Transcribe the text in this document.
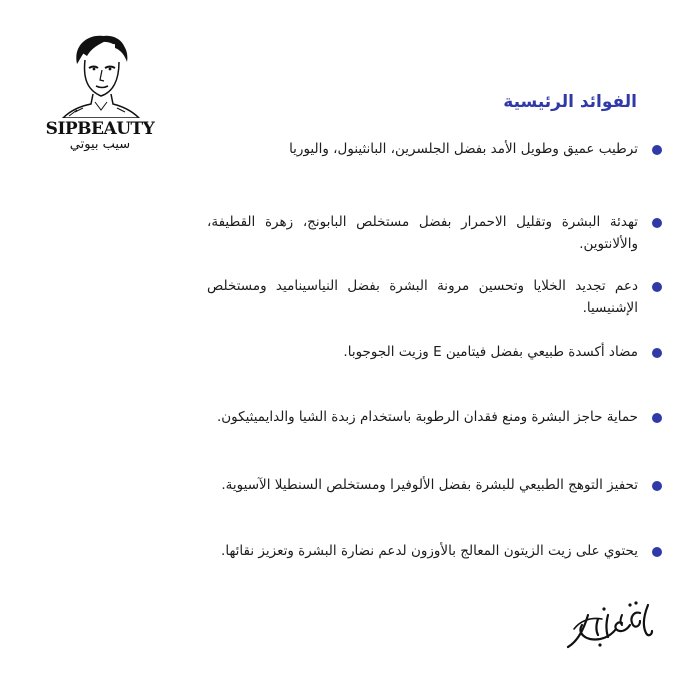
SIPBEAUTY
سيب بيوتي
الفوائد الرئيسية
ترطيب عميق وطويل الأمد بفضل الجلسرين، البانثينول، واليوريا
تهدئة البشرة وتقليل الاحمرار بفضل مستخلص البابونج، زهرة القطيفة، والألانتوين.
دعم تجديد الخلايا وتحسين مرونة البشرة بفضل النياسيناميد ومستخلص الإشنيسيا.
مضاد أكسدة طبيعي بفضل فيتامين E وزيت الجوجوبا.
حماية حاجز البشرة ومنع فقدان الرطوبة باستخدام زبدة الشيا والدايميثيكون.
تحفيز التوهج الطبيعي للبشرة بفضل الألوفيرا ومستخلص السنطيلا الآسيوية.
يحتوي على زيت الزيتون المعالج بالأوزون لدعم نضارة البشرة وتعزيز نقائها.
